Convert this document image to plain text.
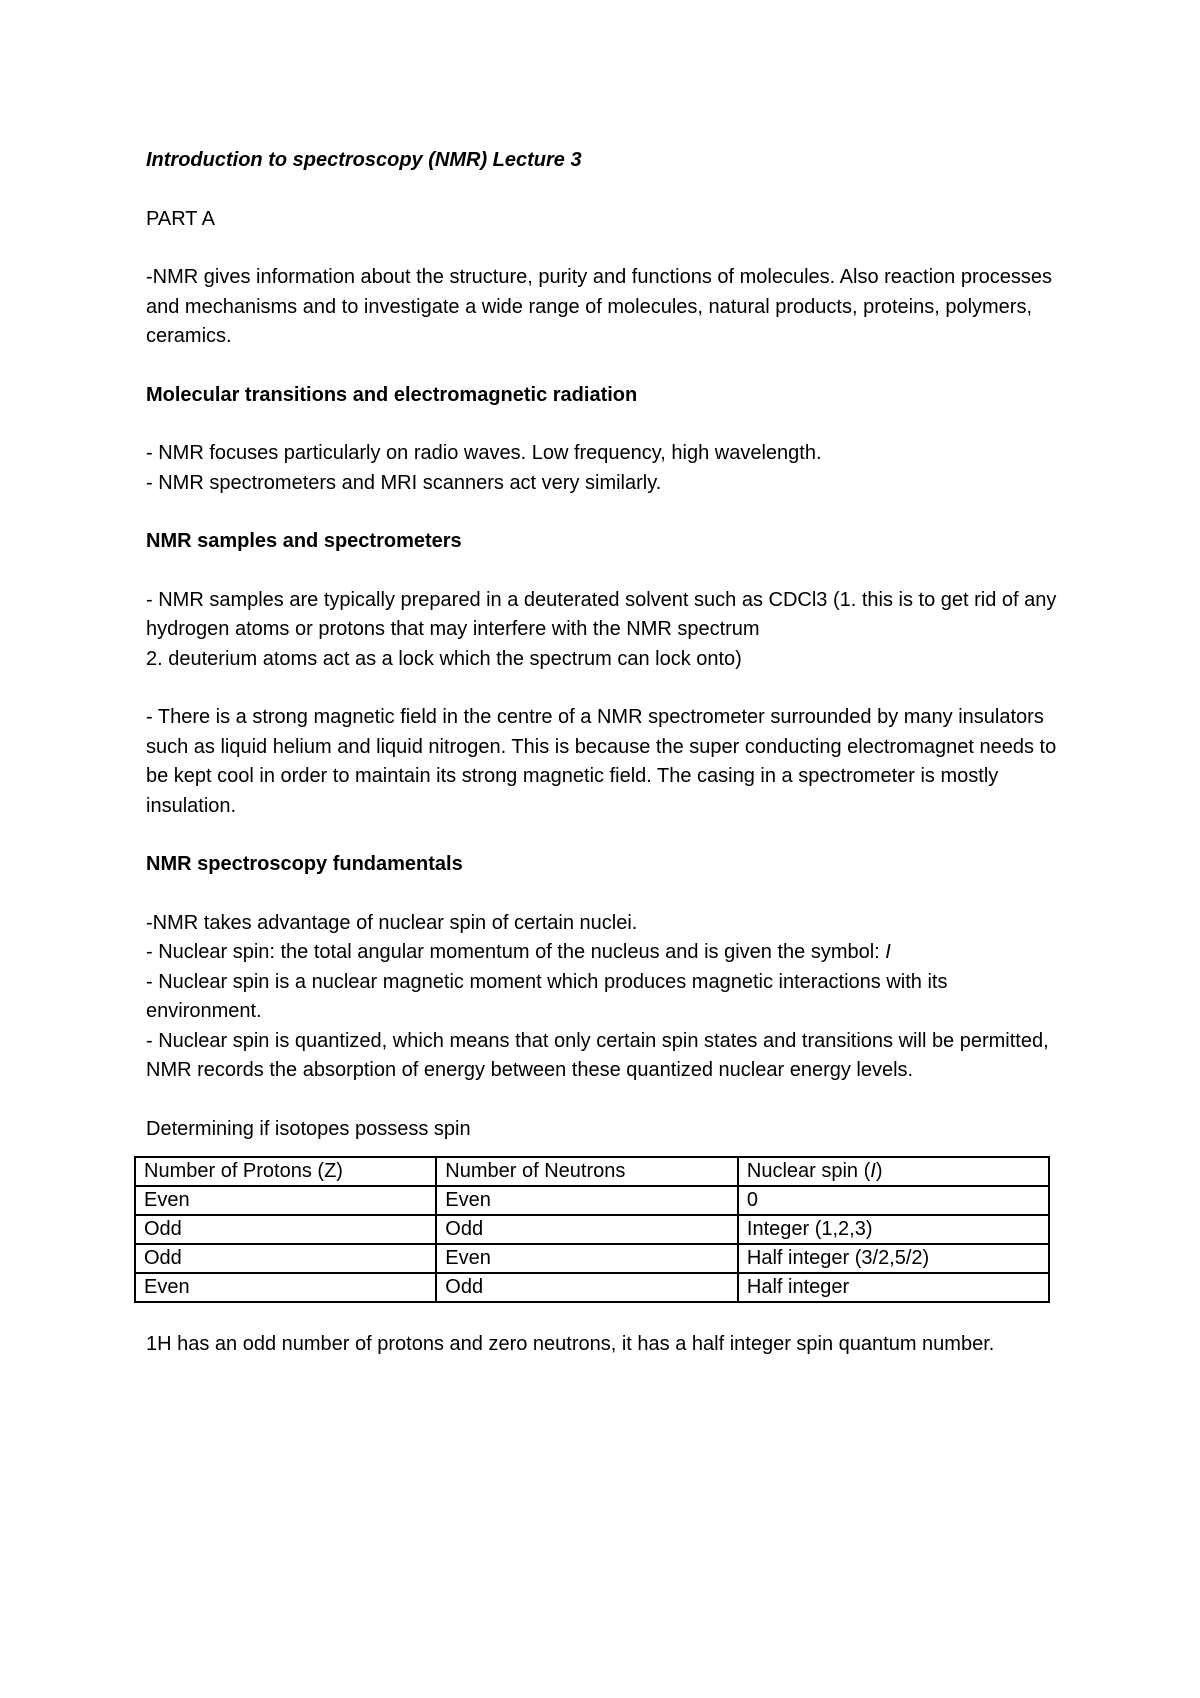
Introduction to spectroscopy (NMR) Lecture 3
PART A
-NMR gives information about the structure, purity and functions of molecules. Also reaction processes and mechanisms and to investigate a wide range of molecules, natural products, proteins, polymers, ceramics.
Molecular transitions and electromagnetic radiation
- NMR focuses particularly on radio waves. Low frequency, high wavelength.
- NMR spectrometers and MRI scanners act very similarly.
NMR samples and spectrometers
- NMR samples are typically prepared in a deuterated solvent such as CDCl3 (1. this is to get rid of any hydrogen atoms or protons that may interfere with the NMR spectrum
2. deuterium atoms act as a lock which the spectrum can lock onto)
- There is a strong magnetic field in the centre of a NMR spectrometer surrounded by many insulators such as liquid helium and liquid nitrogen. This is because the super conducting electromagnet needs to be kept cool in order to maintain its strong magnetic field. The casing in a spectrometer is mostly insulation.
NMR spectroscopy fundamentals
-NMR takes advantage of nuclear spin of certain nuclei.
- Nuclear spin: the total angular momentum of the nucleus and is given the symbol: I
- Nuclear spin is a nuclear magnetic moment which produces magnetic interactions with its environment.
- Nuclear spin is quantized, which means that only certain spin states and transitions will be permitted, NMR records the absorption of energy between these quantized nuclear energy levels.
Determining if isotopes possess spin
Number of Protons (Z)	Number of Neutrons	Nuclear spin (I)
Even	Even	0
Odd	Odd	Integer (1,2,3)
Odd	Even	Half integer (3/2,5/2)
Even	Odd	Half integer
1H has an odd number of protons and zero neutrons, it has a half integer spin quantum number.
